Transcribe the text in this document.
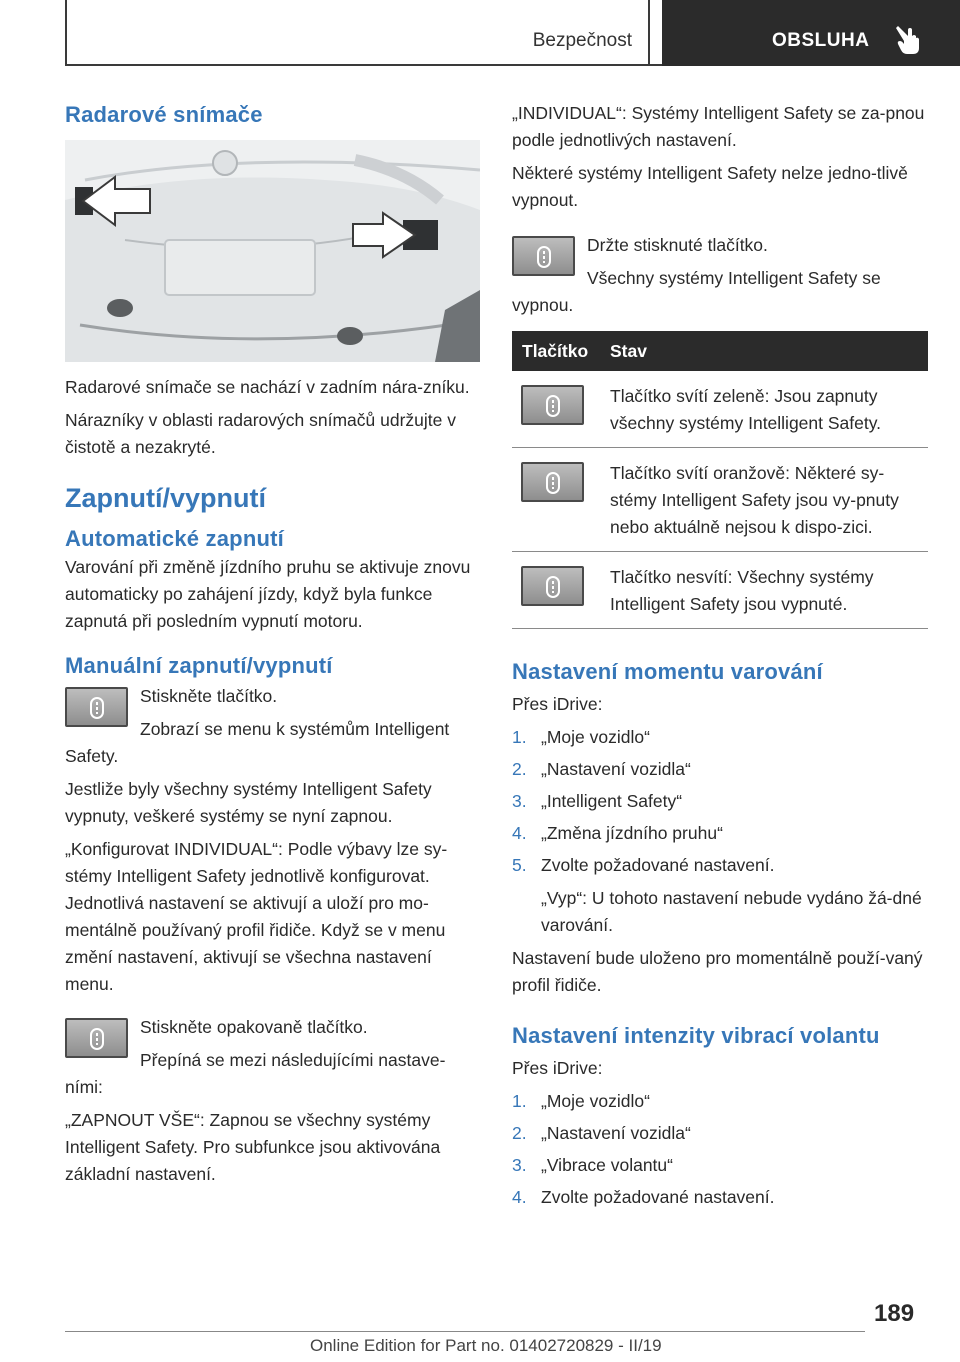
Bezpečnost	OBSLUHA
Radarové snímače

Radarové snímače se nachází v zadním nára-zníku.

Nárazníky v oblasti radarových snímačů udržujte v čistotě a nezakryté.

Zapnutí/vypnutí
Automatické zapnutí

Varování při změně jízdního pruhu se aktivuje znovu automaticky po zahájení jízdy, když byla funkce zapnutá při posledním vypnutí motoru.

Manuální zapnutí/vypnutí

Stiskněte tlačítko.

Zobrazí se menu k systémům Intelligent Safety.

Jestliže byly všechny systémy Intelligent Safety vypnuty, veškeré systémy se nyní zapnou.

„Konfigurovat INDIVIDUAL“: Podle výbavy lze sy-stémy Intelligent Safety jednotlivě konfigurovat. Jednotlivá nastavení se aktivují a uloží pro mo-mentálně používaný profil řidiče. Když se v menu změní nastavení, aktivují se všechna nastavení menu.

Stiskněte opakovaně tlačítko.

Přepíná se mezi následujícími nastave-ními:

„ZAPNOUT VŠE“: Zapnou se všechny systémy Intelligent Safety. Pro subfunkce jsou aktivována základní nastavení.

„INDIVIDUAL“: Systémy Intelligent Safety se za-pnou podle jednotlivých nastavení.

Některé systémy Intelligent Safety nelze jedno-tlivě vypnout.

Držte stisknuté tlačítko.

Všechny systémy Intelligent Safety se vypnou.

Tlačítko	Stav

	Tlačítko svítí zeleně: Jsou zapnuty všechny systémy Intelligent Safety.

	Tlačítko svítí oranžově: Některé sy-stémy Intelligent Safety jsou vy-pnuty nebo aktuálně nejsou k dispo-zici.

	Tlačítko nesvítí: Všechny systémy Intelligent Safety jsou vypnuté.
Nastavení momentu varování

Přes iDrive:

1. „Moje vozidlo“
2. „Nastavení vozidla“
3. „Intelligent Safety“
4. „Změna jízdního pruhu“
5. Zvolte požadované nastavení.

„Vyp“: U tohoto nastavení nebude vydáno žá-dné varování.

Nastavení bude uloženo pro momentálně použí-vaný profil řidiče.

Nastavení intenzity vibrací volantu

Přes iDrive:

1. „Moje vozidlo“
2. „Nastavení vozidla“
3. „Vibrace volantu“
4. Zvolte požadované nastavení.
189
Online Edition for Part no. 01402720829 - II/19
